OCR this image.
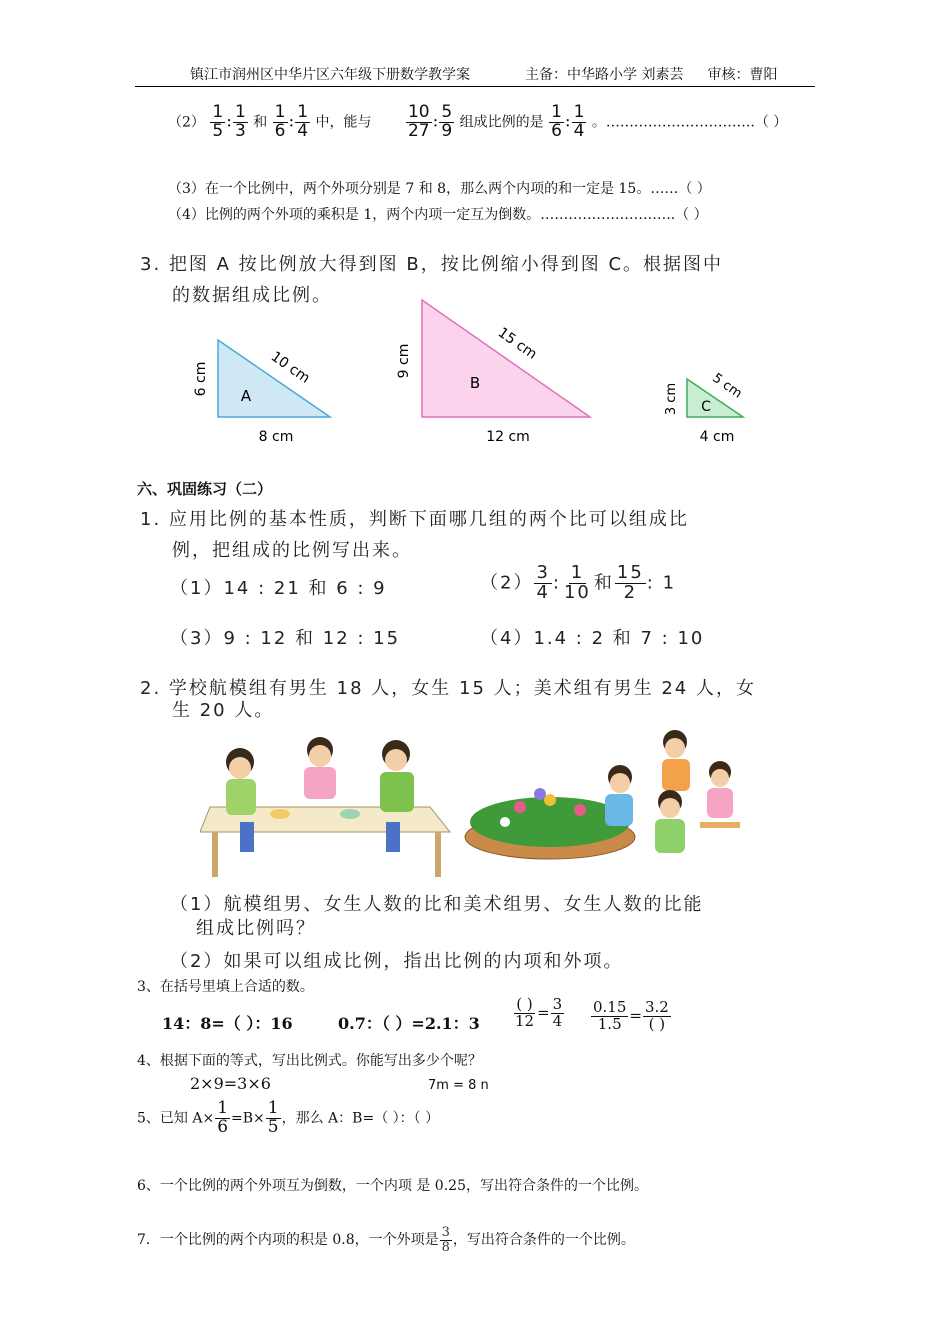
镇江市润州区中华片区六年级下册数学教学案	主备：中华路小学 刘素芸 审核：曹阳
$(2) \frac{1}{5}$ : $\frac{1}{3}$ 和 $\frac{1}{6}$ : $\frac{1}{4}$ 中，能与 $\frac{10}{27}$ : $\frac{5}{9}$ 组成比例的是 $\frac{1}{6}$ : $\frac{1}{4}$ 。…………………………..（ ）
（3）在一个比例中，两个外项分别是 7 和 8，那么两个内项的和一定是 15。……（ ）
（4）比例的两个外项的乘积是 1，两个内项一定互为倒数。………………………..（ ）
3. 把图 A 按比例放大得到图 B，按比例缩小得到图 C。根据图中
的数据组成比例。
A
6 cm
8 cm
10 cm	B
9 cm
12 cm
15 cm
C
3 cm
4 cm
5 cm
六、巩固练习（二）
1. 应用比例的基本性质，判断下面哪几组的两个比可以组成比
例，把组成的比例写出来。
（1）14 : 21 和 6 : 9	$(2) \frac{3}{4}$ : $\frac{1}{10}$ 和 $\frac{15}{2}$ : 1
（3）9 : 12 和 12 : 15	（4）1.4 : 2 和 7 : 10
2. 学校航模组有男生 18 人，女生 15 人；美术组有男生 24 人，女
生 20 人。
（1）航模组男、女生人数的比和美术组男、女生人数的比能
组成比例吗？
（2）如果可以组成比例，指出比例的内项和外项。
3、在括号里填上合适的数。
14：8=（ ）：16	0.7：（ ）=2.1：$3 \frac{( )}{12} = \frac{3}{4} \frac{0.15}{1.5} = \frac{3.2}{( )}$
4、根据下面的等式，写出比例式。你能写出多少个呢？
2×9=3×6	7m = 8 n
5、已知 $A\times \frac{1}{6} =B\times \frac{1}{5}$ ，那么 A：B=（ ）：（ ）
6、一个比例的两个外项互为倒数，一个内项 是 0.25，写出符合条件的一个比例。
7．一个比例的两个内项的积是 0.8，一个外项是 $\frac{3}{8}$ ，写出符合条件的一个比例。
